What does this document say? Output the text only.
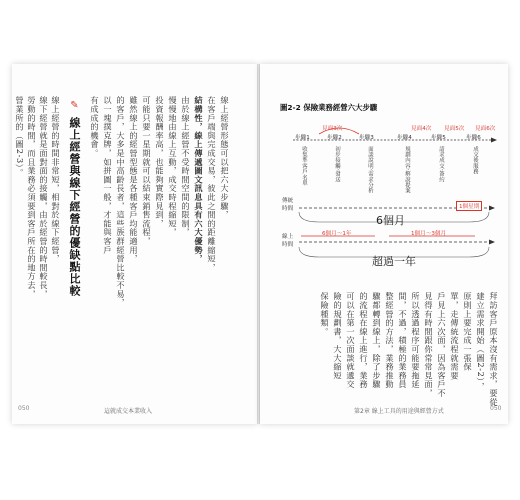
線上經營形態可以把六大步驟，
在客戶端與完成交易，彼此之間的距離縮短，
結構性，線上傳遞圖文訊息具有六大優勢，
由於線上經營不受時間空間的限制，
慢慢地由線上互動，成交時程縮短，
投資報酬率高，也能夠實際見到，
可能只要一星期就可以結束銷售流程，
雖然線上的經營型態是各種客戶均能適用，
的客戶，大多是中高齡長者，這些族群經營比較不易，
以一塊撲克牌，如拼圖一般，才能與客戶
有成成的機會。
✎ 線上經營與線下經營的優缺點比較
線上經營的時間非常短，相對於線下經營，
線下經營就是面對面的接觸，由於經營的時間較長，
勞動的時間，而且業務必須要到客戶所在的地方去，
營業所的（圖2-3）。
050	這就成交本業收入
圖2-2 保險業務經營六大步驟
見面3次	見面4次 見面5次 見面6次
步驟1	步驟2	步驟3	步驟4	步驟5	步驟6
收集準客戶名單	初步接觸·發送	面談說明·需求分析	規劃內容·解說提案	請求成交·簽約	成交後服務
傳統時間
線上時間
1個星期
6個月
6個月～1年	1個月～3個月
超過一年
拜訪客戶原本沒有需求，要從
建立需求開始（圖2-2），
原則上要完成一張保
單，走傳統流程就需要
戶見上六次面，因為客戶不
見得有時間跟你常常見面，
所以透過程序可能要拖延
間，不過，積極的業務員
整經營的方法，業務推動
驟都轉到線上，除了步驟
的流程在線上進行，業務
可以在第一次面談就遞交
險的規劃書，大大縮短
保險種類。
第2章 線上工具的用途與經營方式	050
